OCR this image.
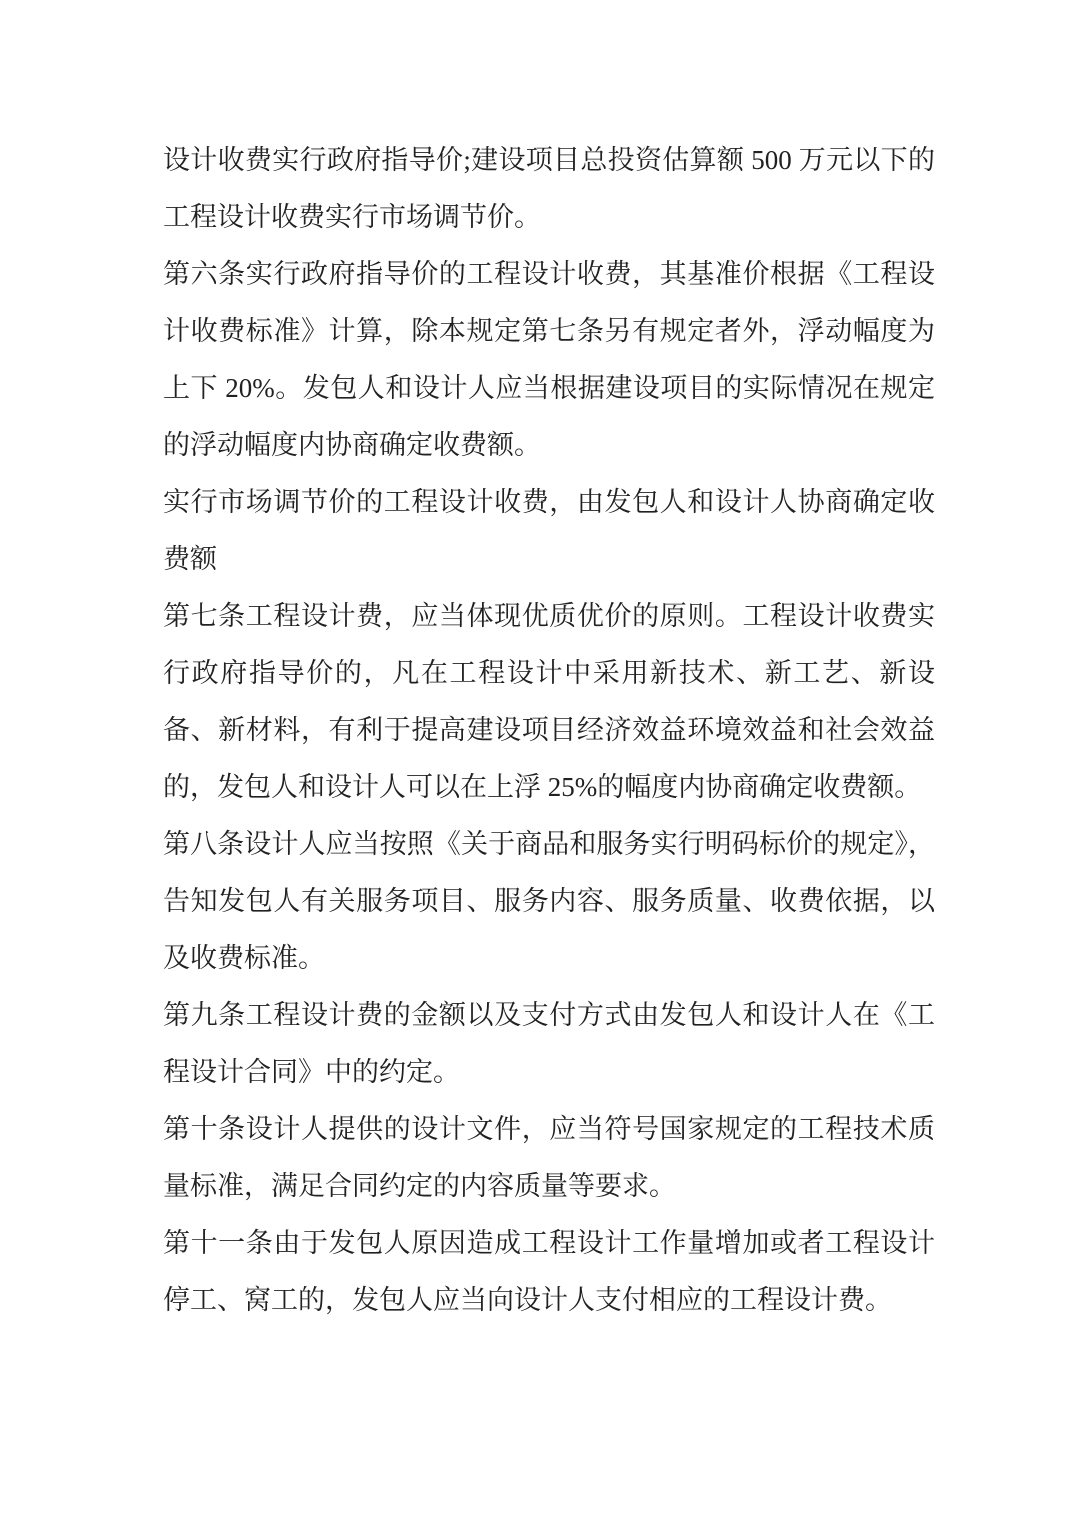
设计收费实行政府指导价;建设项目总投资估算额 500 万元以下的工程设计收费实行市场调节价。

第六条实行政府指导价的工程设计收费，其基准价根据《工程设计收费标准》计算，除本规定第七条另有规定者外，浮动幅度为上下 20%。发包人和设计人应当根据建设项目的实际情况在规定的浮动幅度内协商确定收费额。

实行市场调节价的工程设计收费，由发包人和设计人协商确定收费额

第七条工程设计费，应当体现优质优价的原则。工程设计收费实行政府指导价的，凡在工程设计中采用新技术、新工艺、新设备、新材料，有利于提高建设项目经济效益环境效益和社会效益的，发包人和设计人可以在上浮 25%的幅度内协商确定收费额。

第八条设计人应当按照《关于商品和服务实行明码标价的规定》，告知发包人有关服务项目、服务内容、服务质量、收费依据，以及收费标准。

第九条工程设计费的金额以及支付方式由发包人和设计人在《工程设计合同》中的约定。

第十条设计人提供的设计文件，应当符号国家规定的工程技术质量标准，满足合同约定的内容质量等要求。

第十一条由于发包人原因造成工程设计工作量增加或者工程设计停工、窝工的，发包人应当向设计人支付相应的工程设计费。
